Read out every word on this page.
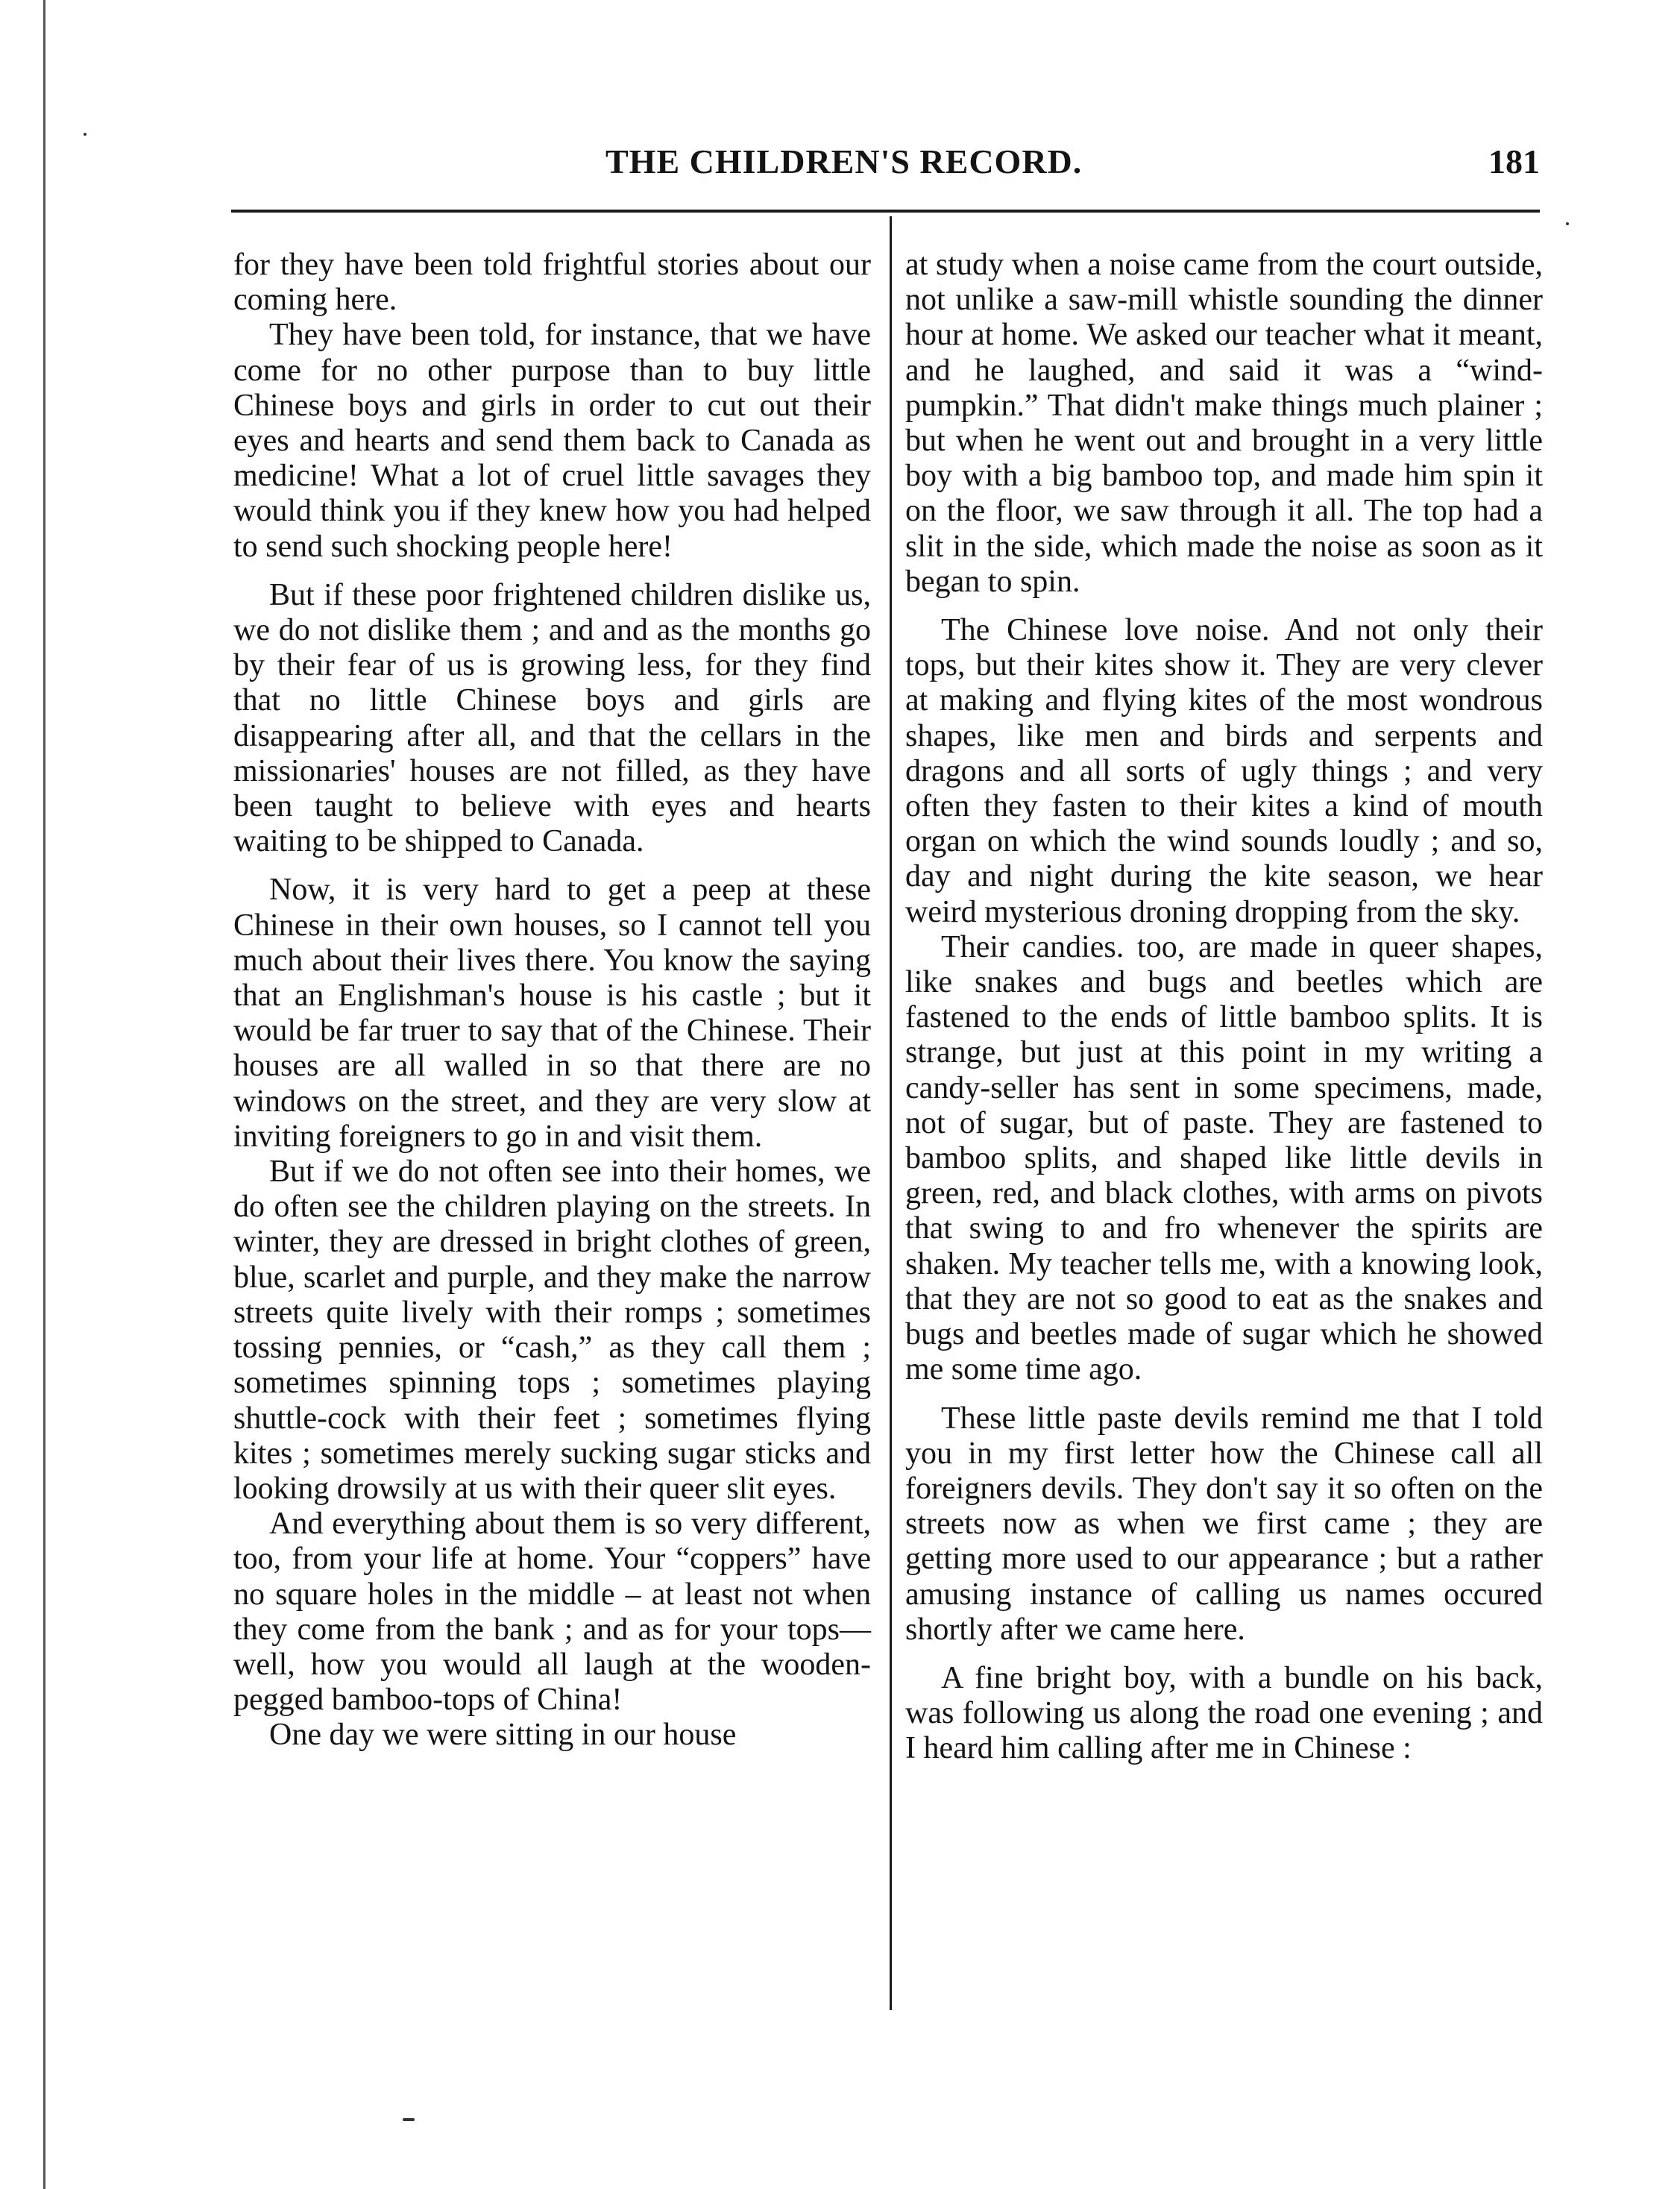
THE CHILDREN'S RECORD.	181

for they have been told frightful stories about our coming here.

They have been told, for instance, that we have come for no other purpose than to buy little Chinese boys and girls in order to cut out their eyes and hearts and send them back to Canada as medicine! What a lot of cruel little savages they would think you if they knew how you had helped to send such shocking people here!

But if these poor frightened children dislike us, we do not dislike them ; and and as the months go by their fear of us is growing less, for they find that no little Chinese boys and girls are disappearing after all, and that the cellars in the missionaries' houses are not filled, as they have been taught to believe with eyes and hearts waiting to be shipped to Canada.

Now, it is very hard to get a peep at these Chinese in their own houses, so I cannot tell you much about their lives there. You know the saying that an Englishman's house is his castle ; but it would be far truer to say that of the Chinese. Their houses are all walled in so that there are no windows on the street, and they are very slow at inviting foreigners to go in and visit them.

But if we do not often see into their homes, we do often see the children playing on the streets. In winter, they are dressed in bright clothes of green, blue, scarlet and purple, and they make the narrow streets quite lively with their romps ; sometimes tossing pennies, or “cash,” as they call them ; sometimes spinning tops ; sometimes playing shuttle-cock with their feet ; sometimes flying kites ; sometimes merely sucking sugar sticks and looking drowsily at us with their queer slit eyes.

And everything about them is so very different, too, from your life at home. Your “coppers” have no square holes in the middle – at least not when they come from the bank ; and as for your tops— well, how you would all laugh at the wooden-pegged bamboo-tops of China!

One day we were sitting in our house

at study when a noise came from the court outside, not unlike a saw-mill whistle sounding the dinner hour at home. We asked our teacher what it meant, and he laughed, and said it was a “wind-pumpkin.” That didn't make things much plainer ; but when he went out and brought in a very little boy with a big bamboo top, and made him spin it on the floor, we saw through it all. The top had a slit in the side, which made the noise as soon as it began to spin.

The Chinese love noise. And not only their tops, but their kites show it. They are very clever at making and flying kites of the most wondrous shapes, like men and birds and serpents and dragons and all sorts of ugly things ; and very often they fasten to their kites a kind of mouth organ on which the wind sounds loudly ; and so, day and night during the kite season, we hear weird mysterious droning dropping from the sky.

Their candies. too, are made in queer shapes, like snakes and bugs and beetles which are fastened to the ends of little bamboo splits. It is strange, but just at this point in my writing a candy-seller has sent in some specimens, made, not of sugar, but of paste. They are fastened to bamboo splits, and shaped like little devils in green, red, and black clothes, with arms on pivots that swing to and fro whenever the spirits are shaken. My teacher tells me, with a knowing look, that they are not so good to eat as the snakes and bugs and beetles made of sugar which he showed me some time ago.

These little paste devils remind me that I told you in my first letter how the Chinese call all foreigners devils. They don't say it so often on the streets now as when we first came ; they are getting more used to our appearance ; but a rather amusing instance of calling us names occured shortly after we came here.

A fine bright boy, with a bundle on his back, was following us along the road one evening ; and I heard him calling after me in Chinese :
